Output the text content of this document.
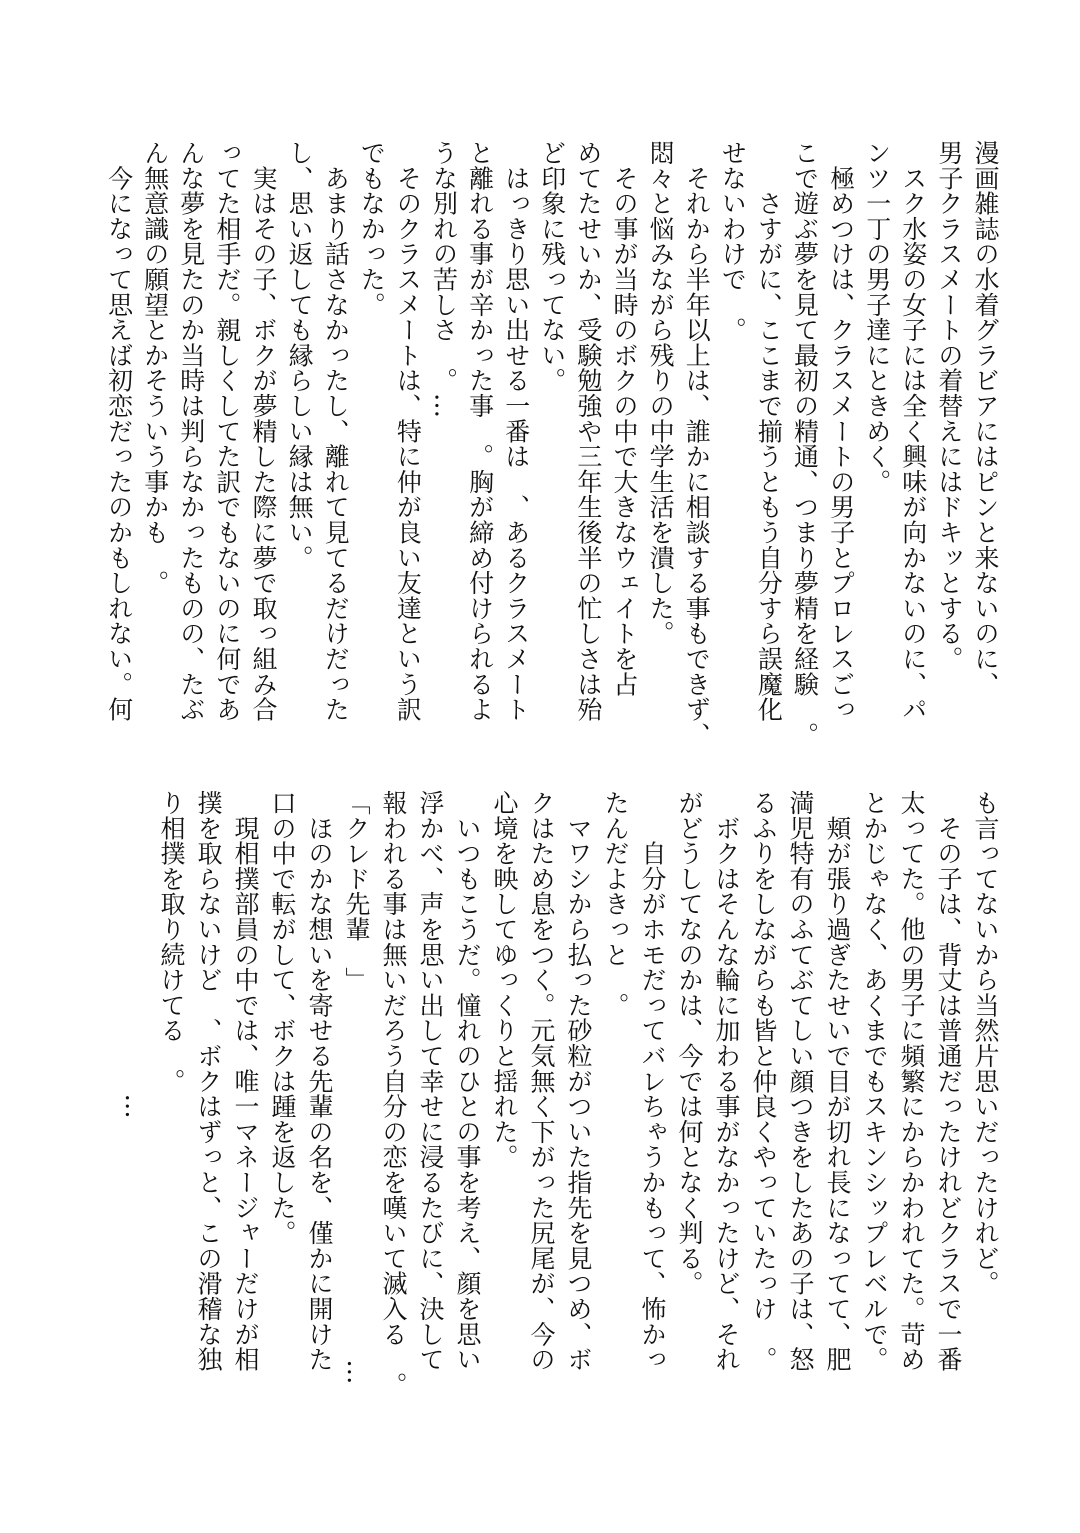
漫画雑誌の水着グラビアにはピンと来ないのに、
男子クラスメートの着替えにはドキッとする。
　スク水姿の女子には全く興味が向かないのに、パ
ンツ一丁の男子達にときめく。
　極めつけは、クラスメートの男子とプロレスごっ
こで遊ぶ夢を見て最初の精通、つまり夢精を経験　。
　　さすがに、ここまで揃うともう自分すら誤魔化
せないわけで　。
　それから半年以上は、誰かに相談する事もできず、
悶々と悩みながら残りの中学生活を潰した。
　その事が当時のボクの中で大きなウェイトを占
めてたせいか、受験勉強や三年生後半の忙しさは殆
ど印象に残ってない。
　はっきり思い出せる一番は　、あるクラスメート
と離れる事が辛かった事　。胸が締め付けられるよ
うな別れの苦しさ　。…
　そのクラスメートは、特に仲が良い友達という訳
でもなかった。
　あまり話さなかったし、離れて見てるだけだった
し、思い返しても縁らしい縁は無い。
　実はその子、ボクが夢精した際に夢で取っ組み合
ってた相手だ。親しくしてた訳でもないのに何であ
んな夢を見たのか当時は判らなかったものの、たぶ
ん無意識の願望とかそういう事かも　。
　今になって思えば初恋だったのかもしれない。何
も言ってないから当然片思いだったけれど。
　その子は、背丈は普通だったけれどクラスで一番
太ってた。他の男子に頻繁にからかわれてた。苛め
とかじゃなく、あくまでもスキンシップレベルで。
　頬が張り過ぎたせいで目が切れ長になってて、肥
満児特有のふてぶてしい顔つきをしたあの子は、怒
るふりをしながらも皆と仲良くやっていたっけ　。
　ボクはそんな輪に加わる事がなかったけど、それ
がどうしてなのかは、今では何となく判る。
　　自分がホモだってバレちゃうかもって、怖かっ
たんだよきっと　。
　マワシから払った砂粒がついた指先を見つめ、ボ
クはため息をつく。元気無く下がった尻尾が、今の
心境を映してゆっくりと揺れた。
　いつもこうだ。憧れのひとの事を考え、顔を思い
浮かべ、声を思い出して幸せに浸るたびに、決して
報われる事は無いだろう自分の恋を嘆いて滅入る　。
「クレド先輩　」　　　　　　　　　　　　　　　…
　ほのかな想いを寄せる先輩の名を、僅かに開けた
口の中で転がして、ボクは踵を返した。
　現相撲部員の中では、唯一マネージャーだけが相
撲を取らないけど　、ボクはずっと、この滑稽な独
り相撲を取り続けてる　。
　　　　　　　　　　　　…
